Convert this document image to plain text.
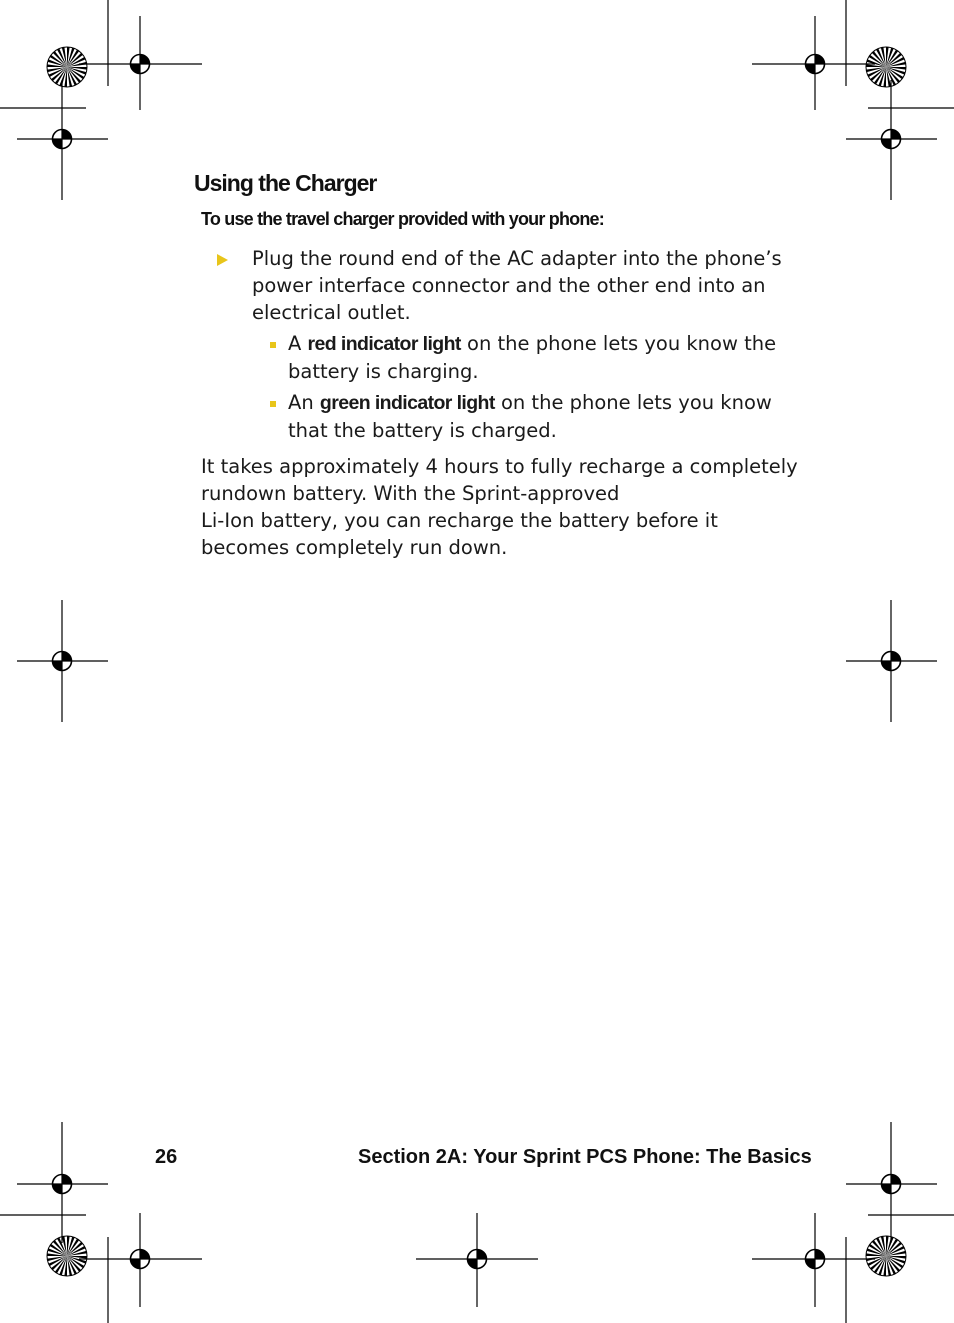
Using the Charger

To use the travel charger provided with your phone:

Plug the round end of the AC adapter into the phone’s power interface connector and the other end into an electrical outlet.

A red indicator light on the phone lets you know the battery is charging.

An green indicator light on the phone lets you know that the battery is charged.

It takes approximately 4 hours to fully recharge a completely rundown battery. With the Sprint-approved
Li-Ion battery, you can recharge the battery before it becomes completely run down.

26	Section 2A: Your Sprint PCS Phone: The Basics
